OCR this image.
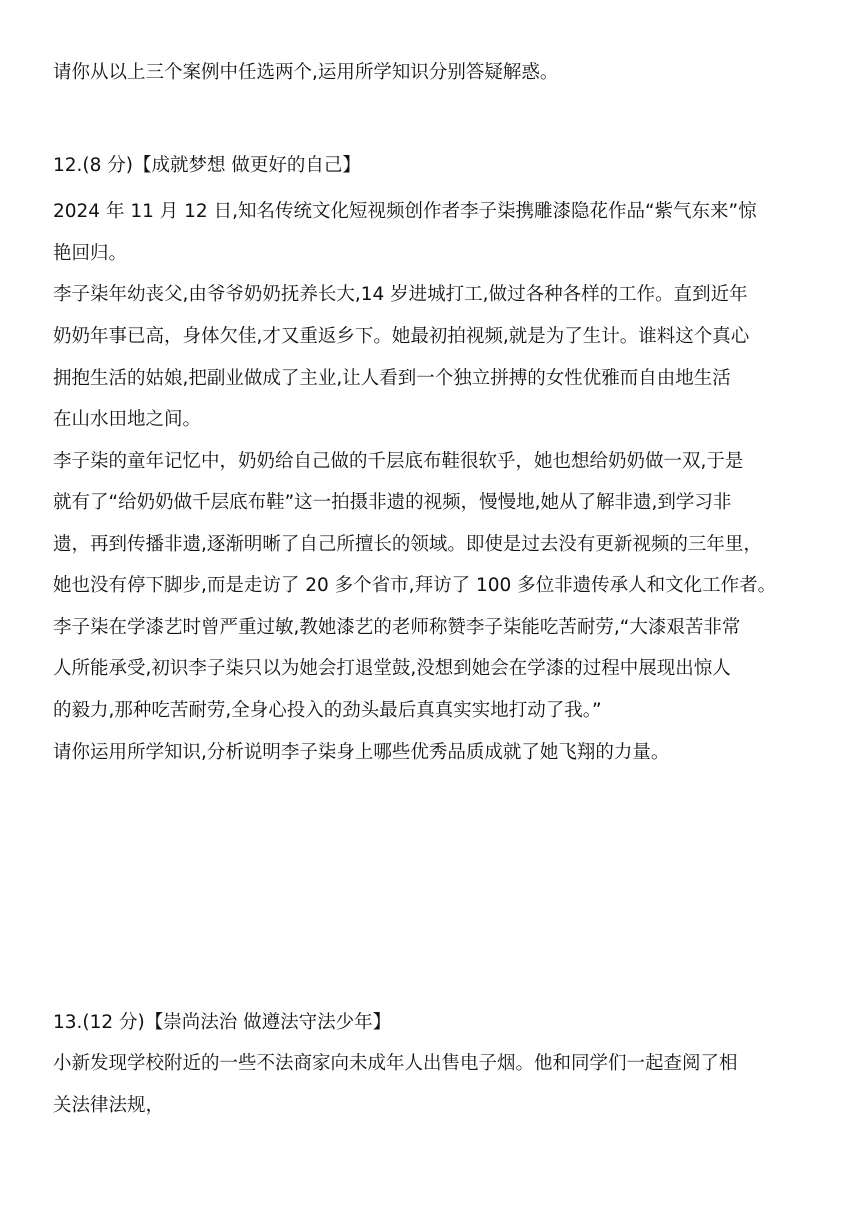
请你从以上三个案例中任选两个,运用所学知识分别答疑解惑。
12.(8 分)【成就梦想 做更好的自己】
2024 年 11 月 12 日,知名传统文化短视频创作者李子柒携雕漆隐花作品“紫气东来”惊
艳回归。
李子柒年幼丧父,由爷爷奶奶抚养长大,14 岁进城打工,做过各种各样的工作。直到近年
奶奶年事已高，身体欠佳,才又重返乡下。她最初拍视频,就是为了生计。谁料这个真心
拥抱生活的姑娘,把副业做成了主业,让人看到一个独立拼搏的女性优雅而自由地生活
在山水田地之间。
李子柒的童年记忆中，奶奶给自己做的千层底布鞋很软乎，她也想给奶奶做一双,于是
就有了“给奶奶做千层底布鞋”这一拍摄非遗的视频，慢慢地,她从了解非遗,到学习非
遗，再到传播非遗,逐渐明晰了自己所擅长的领域。即使是过去没有更新视频的三年里，
她也没有停下脚步,而是走访了 20 多个省市,拜访了 100 多位非遗传承人和文化工作者。
李子柒在学漆艺时曾严重过敏,教她漆艺的老师称赞李子柒能吃苦耐劳,“大漆艰苦非常
人所能承受,初识李子柒只以为她会打退堂鼓,没想到她会在学漆的过程中展现出惊人
的毅力,那种吃苦耐劳,全身心投入的劲头最后真真实实地打动了我。”
请你运用所学知识,分析说明李子柒身上哪些优秀品质成就了她飞翔的力量。
13.(12 分)【崇尚法治 做遵法守法少年】
小新发现学校附近的一些不法商家向未成年人出售电子烟。他和同学们一起查阅了相
关法律法规，
